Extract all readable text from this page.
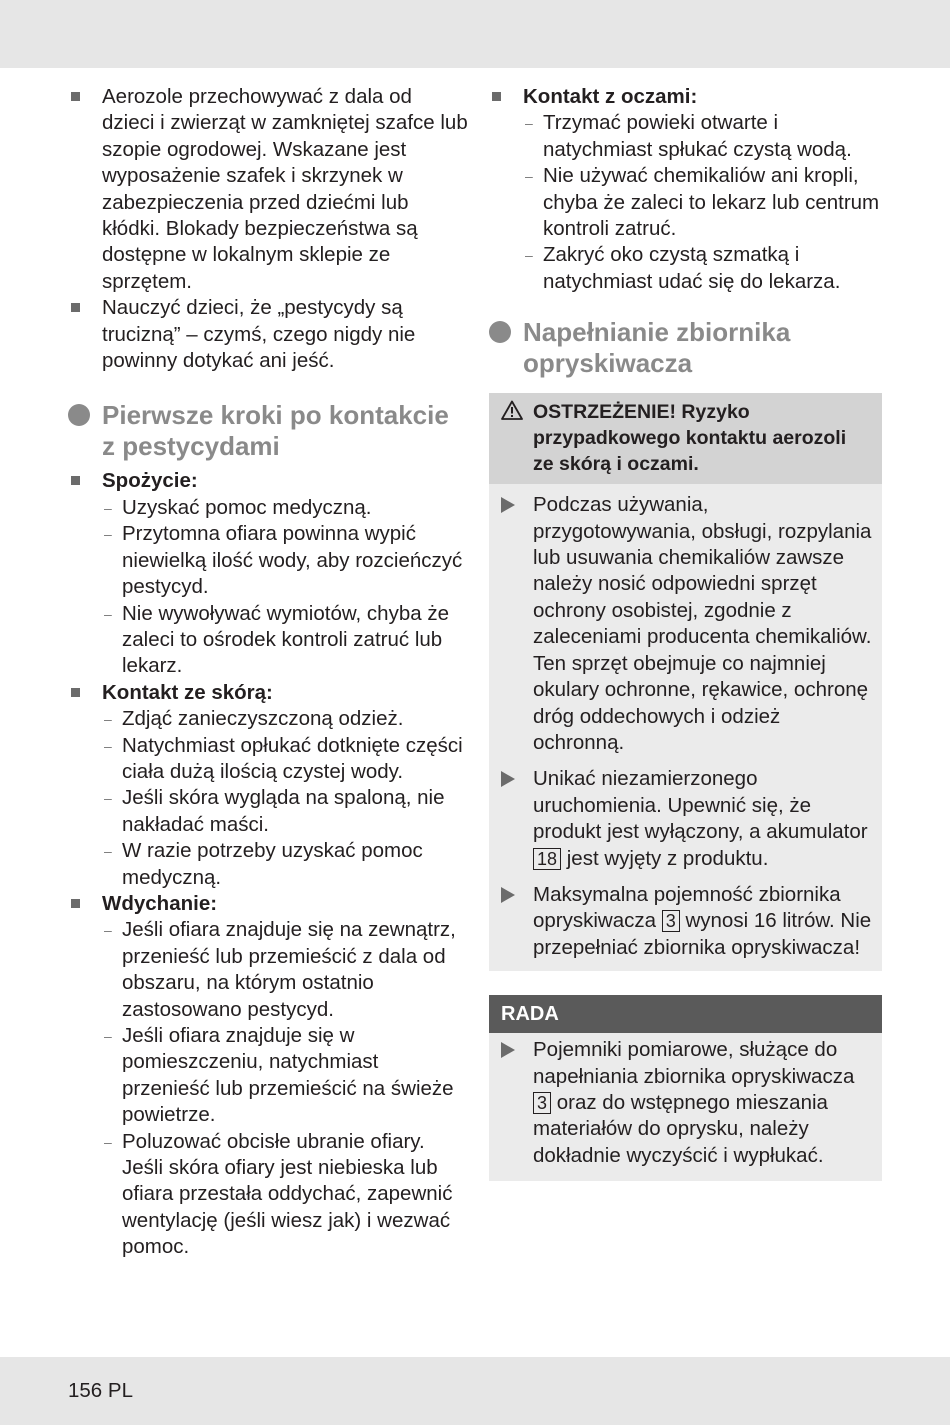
Aerozole przechowywać z dala od dzieci i zwierząt w zamkniętej szafce lub szopie ogrodowej. Wskazane jest wyposażenie szafek i skrzynek w zabezpieczenia przed dziećmi lub kłódki. Blokady bezpieczeństwa są dostępne w lokalnym sklepie ze sprzętem.
Nauczyć dzieci, że „pestycydy są trucizną” – czymś, czego nigdy nie powinny dotykać ani jeść.
Pierwsze kroki po kontakcie z pestycydami
Spożycie:
– Uzyskać pomoc medyczną.
– Przytomna ofiara powinna wypić niewielką ilość wody, aby rozcieńczyć pestycyd.
– Nie wywoływać wymiotów, chyba że zaleci to ośrodek kontroli zatruć lub lekarz.
Kontakt ze skórą:
– Zdjąć zanieczyszczoną odzież.
– Natychmiast opłukać dotknięte części ciała dużą ilością czystej wody.
– Jeśli skóra wygląda na spaloną, nie nakładać maści.
– W razie potrzeby uzyskać pomoc medyczną.
Wdychanie:
– Jeśli ofiara znajduje się na zewnątrz, przenieść lub przemieścić z dala od obszaru, na którym ostatnio zastosowano pestycyd.
– Jeśli ofiara znajduje się w pomieszczeniu, natychmiast przenieść lub przemieścić na świeże powietrze.
– Poluzować obcisłe ubranie ofiary. Jeśli skóra ofiary jest niebieska lub ofiara przestała oddychać, zapewnić wentylację (jeśli wiesz jak) i wezwać pomoc.
Kontakt z oczami:
– Trzymać powieki otwarte i natychmiast spłukać czystą wodą.
– Nie używać chemikaliów ani kropli, chyba że zaleci to lekarz lub centrum kontroli zatruć.
– Zakryć oko czystą szmatką i natychmiast udać się do lekarza.
Napełnianie zbiornika opryskiwacza
OSTRZEŻENIE! Ryzyko przypadkowego kontaktu aerozoli ze skórą i oczami.
Podczas używania, przygotowywania, obsługi, rozpylania lub usuwania chemikaliów zawsze należy nosić odpowiedni sprzęt ochrony osobistej, zgodnie z zaleceniami producenta chemikaliów. Ten sprzęt obejmuje co najmniej okulary ochronne, rękawice, ochronę dróg oddechowych i odzież ochronną.
Unikać niezamierzonego uruchomienia. Upewnić się, że produkt jest wyłączony, a akumulator 18 jest wyjęty z produktu.
Maksymalna pojemność zbiornika opryskiwacza 3 wynosi 16 litrów. Nie przepełniać zbiornika opryskiwacza!
RADA
Pojemniki pomiarowe, służące do napełniania zbiornika opryskiwacza 3 oraz do wstępnego mieszania materiałów do oprysku, należy dokładnie wyczyścić i wypłukać.
156 PL
